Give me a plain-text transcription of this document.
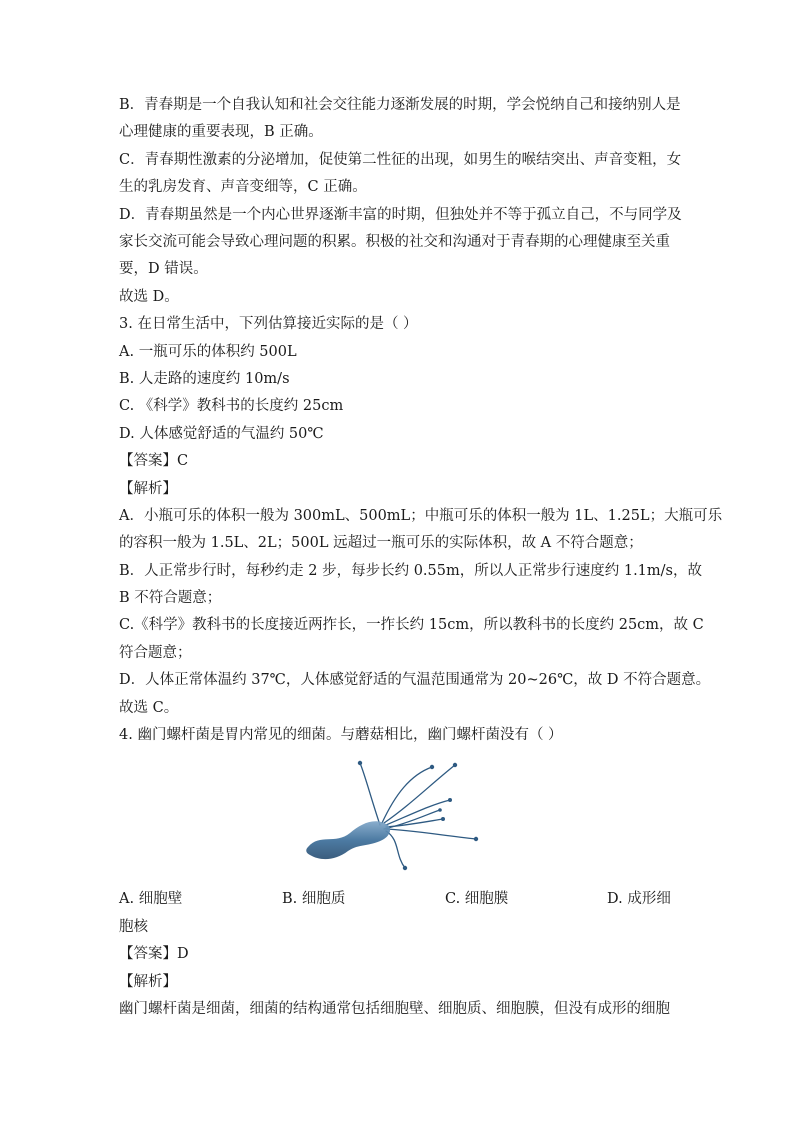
B．青春期是一个自我认知和社会交往能力逐渐发展的时期，学会悦纳自己和接纳别人是
心理健康的重要表现，B 正确。
C．青春期性激素的分泌增加，促使第二性征的出现，如男生的喉结突出、声音变粗，女
生的乳房发育、声音变细等，C 正确。
D．青春期虽然是一个内心世界逐渐丰富的时期，但独处并不等于孤立自己，不与同学及
家长交流可能会导致心理问题的积累。积极的社交和沟通对于青春期的心理健康至关重
要，D 错误。
故选 D。
3. 在日常生活中，下列估算接近实际的是（ ）
A. 一瓶可乐的体积约 500L
B. 人走路的速度约 10m/s
C. 《科学》教科书的长度约 25cm
D. 人体感觉舒适的气温约 50℃
【答案】C
【解析】
A．小瓶可乐的体积一般为 300mL、500mL；中瓶可乐的体积一般为 1L、1.25L；大瓶可乐
的容积一般为 1.5L、2L；500L 远超过一瓶可乐的实际体积，故 A 不符合题意；
B．人正常步行时，每秒约走 2 步，每步长约 0.55m，所以人正常步行速度约 1.1m/s，故
B 不符合题意；
C.《科学》教科书的长度接近两拃长，一拃长约 15cm，所以教科书的长度约 25cm，故 C
符合题意；
D．人体正常体温约 37℃，人体感觉舒适的气温范围通常为 20~26℃，故 D 不符合题意。
故选 C。
4. 幽门螺杆菌是胃内常见的细菌。与蘑菇相比，幽门螺杆菌没有（ ）
A. 细胞壁	B. 细胞质	C. 细胞膜	D. 成形细
胞核
【答案】D
【解析】
幽门螺杆菌是细菌，细菌的结构通常包括细胞壁、细胞质、细胞膜，但没有成形的细胞
